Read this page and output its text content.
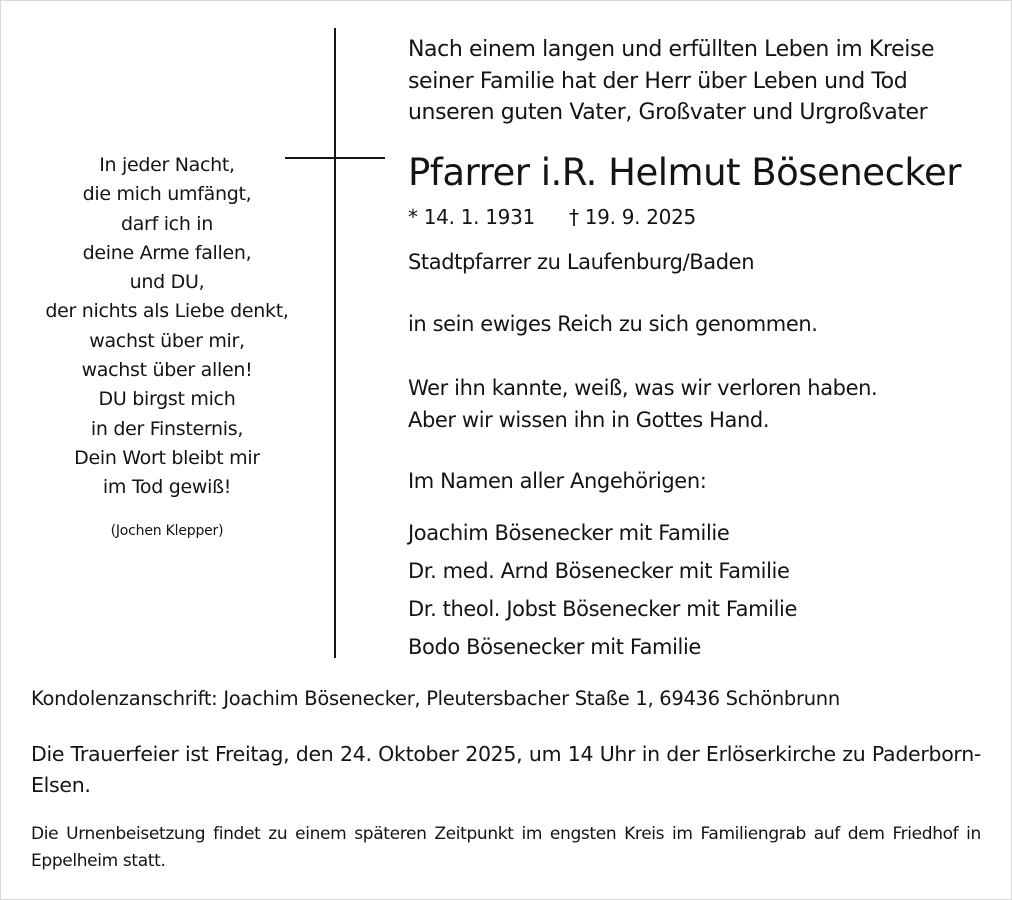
In jeder Nacht,
die mich umfängt,
darf ich in
deine Arme fallen,
und DU,
der nichts als Liebe denkt,
wachst über mir,
wachst über allen!
DU birgst mich
in der Finsternis,
Dein Wort bleibt mir
im Tod gewiß!
(Jochen Klepper)
Nach einem langen und erfüllten Leben im Kreise
seiner Familie hat der Herr über Leben und Tod
unseren guten Vater, Großvater und Urgroßvater
Pfarrer i.R. Helmut Bösenecker
* 14. 1. 1931 † 19. 9. 2025
Stadtpfarrer zu Laufenburg/Baden
in sein ewiges Reich zu sich genommen.
Wer ihn kannte, weiß, was wir verloren haben.
Aber wir wissen ihn in Gottes Hand.
Im Namen aller Angehörigen:
Joachim Bösenecker mit Familie
Dr. med. Arnd Bösenecker mit Familie
Dr. theol. Jobst Bösenecker mit Familie
Bodo Bösenecker mit Familie
Kondolenzanschrift: Joachim Bösenecker, Pleutersbacher Staße 1, 69436 Schönbrunn
Die Trauerfeier ist Freitag, den 24. Oktober 2025, um 14 Uhr in der Erlöserkirche zu Paderborn-Elsen.
Die Urnenbeisetzung findet zu einem späteren Zeitpunkt im engsten Kreis im Familiengrab auf dem Friedhof in Eppelheim statt.
